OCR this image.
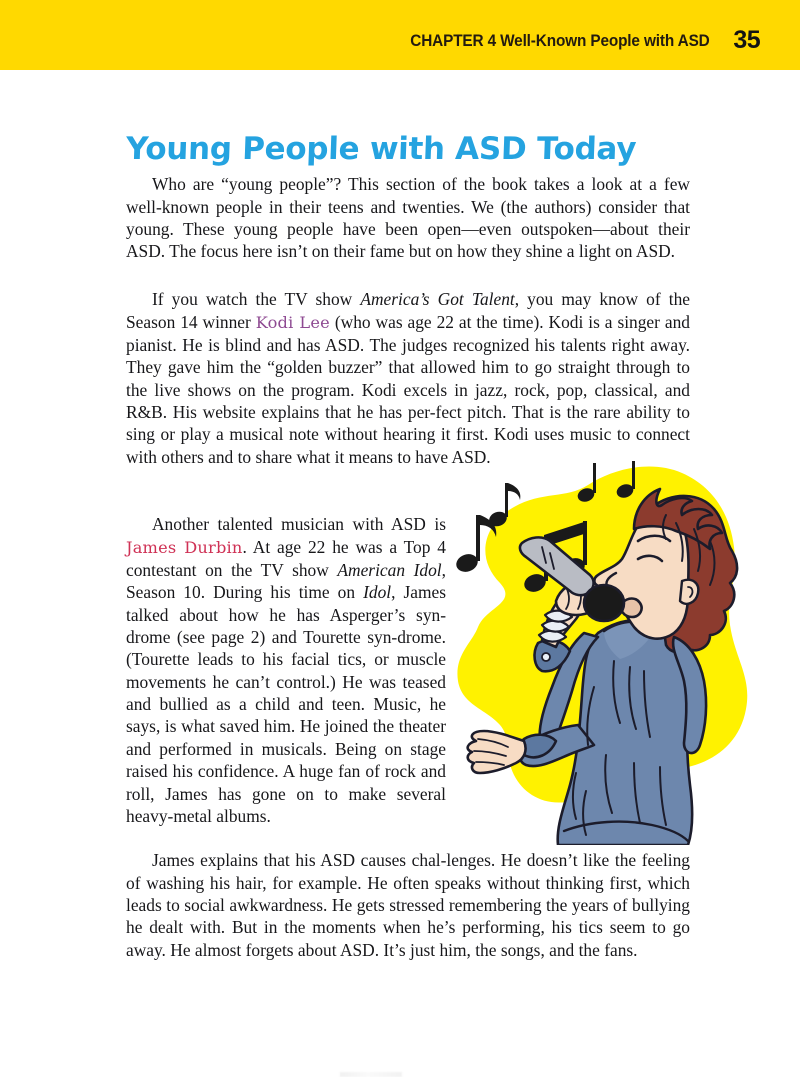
CHAPTER 4 Well-Known People with ASD 35
Young People with ASD Today

Who are “young people”? This section of the book takes a look at a few well-known people in their teens and twenties. We (the authors) consider that young. These young people have been open—even outspoken—about their ASD. The focus here isn’t on their fame but on how they shine a light on ASD.

If you watch the TV show America’s Got Talent, you may know of the Season 14 winner Kodi Lee (who was age 22 at the time). Kodi is a singer and pianist. He is blind and has ASD. The judges recognized his talents right away. They gave him the “golden buzzer” that allowed him to go straight through to the live shows on the program. Kodi excels in jazz, rock, pop, classical, and R&B. His website explains that he has per-fect pitch. That is the rare ability to sing or play a musical note without hearing it first. Kodi uses music to connect with others and to share what it means to have ASD.

Another talented musician with ASD is James Durbin. At age 22 he was a Top 4 contestant on the TV show American Idol, Season 10. During his time on Idol, James talked about how he has Asperger’s syn-drome (see page 2) and Tourette syn-drome. (Tourette leads to his facial tics, or muscle movements he can’t control.) He was teased and bullied as a child and teen. Music, he says, is what saved him. He joined the theater and performed in musicals. Being on stage raised his confidence. A huge fan of rock and roll, James has gone on to make several heavy-metal albums.

James explains that his ASD causes chal-lenges. He doesn’t like the feeling of washing his hair, for example. He often speaks without thinking first, which leads to social awkwardness. He gets stressed remembering the years of bullying he dealt with. But in the moments when he’s performing, his tics seem to go away. He almost forgets about ASD. It’s just him, the songs, and the fans.
